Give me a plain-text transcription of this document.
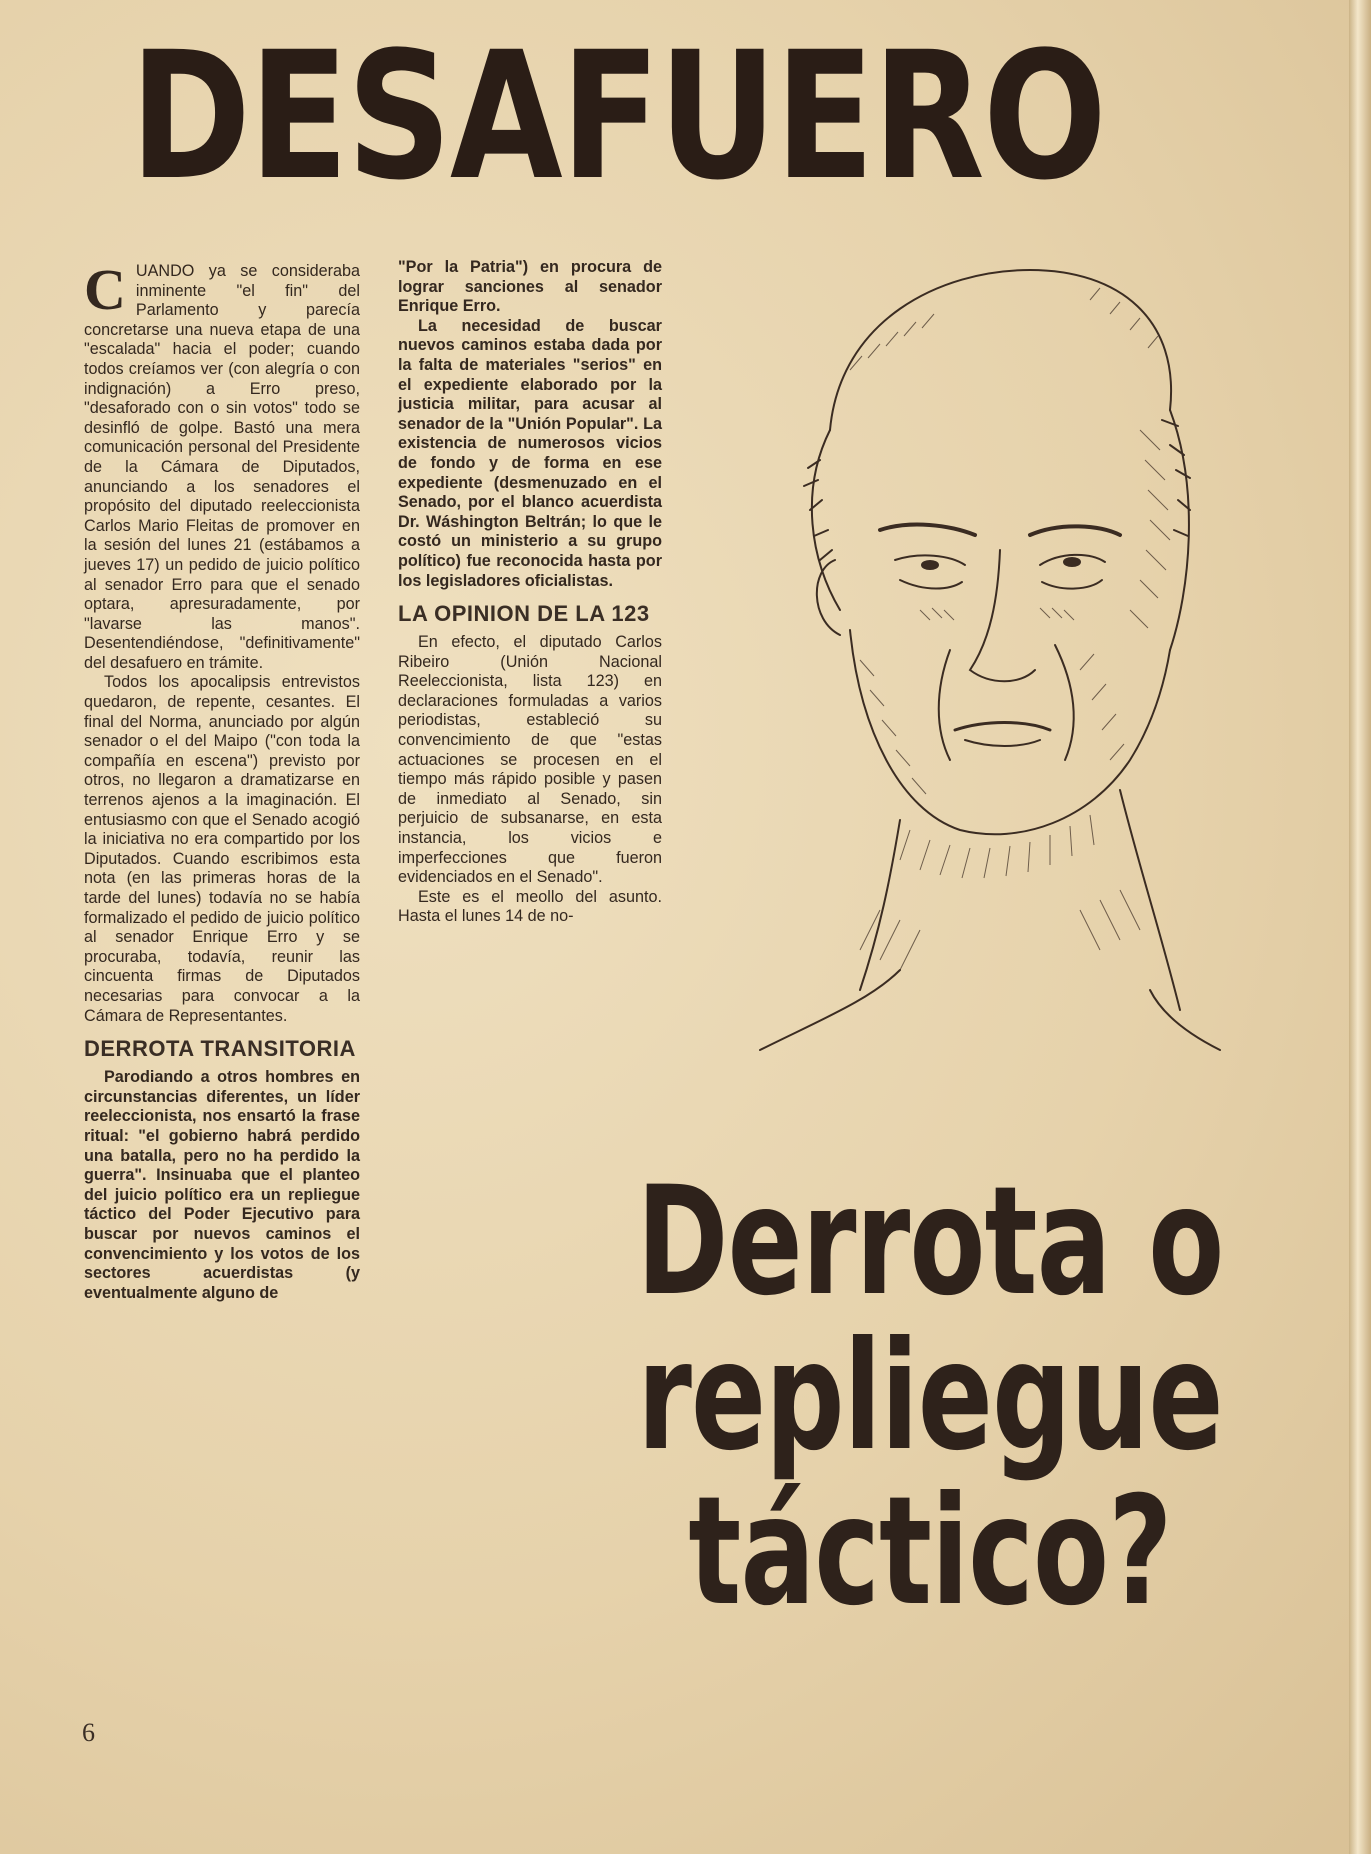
DESAFUERO

CUANDO ya se consideraba inminente "el fin" del Parlamento y parecía concretarse una nueva etapa de una "escalada" hacia el poder; cuando todos creíamos ver (con alegría o con indignación) a Erro preso, "desaforado con o sin votos" todo se desinfló de golpe. Bastó una mera comunicación personal del Presidente de la Cámara de Diputados, anunciando a los senadores el propósito del diputado reeleccionista Carlos Mario Fleitas de promover en la sesión del lunes 21 (estábamos a jueves 17) un pedido de juicio político al senador Erro para que el senado optara, apresuradamente, por "lavarse las manos". Desentendiéndose, "definitivamente" del desafuero en trámite.

Todos los apocalipsis entrevistos quedaron, de repente, cesantes. El final del Norma, anunciado por algún senador o el del Maipo ("con toda la compañía en escena") previsto por otros, no llegaron a dramatizarse en terrenos ajenos a la imaginación. El entusiasmo con que el Senado acogió la iniciativa no era compartido por los Diputados. Cuando escribimos esta nota (en las primeras horas de la tarde del lunes) todavía no se había formalizado el pedido de juicio político al senador Enrique Erro y se procuraba, todavía, reunir las cincuenta firmas de Diputados necesarias para convocar a la Cámara de Representantes.

DERROTA TRANSITORIA

Parodiando a otros hombres en circunstancias diferentes, un líder reeleccionista, nos ensartó la frase ritual: "el gobierno habrá perdido una batalla, pero no ha perdido la guerra". Insinuaba que el planteo del juicio político era un repliegue táctico del Poder Ejecutivo para buscar por nuevos caminos el convencimiento y los votos de los sectores acuerdistas (y eventualmente alguno de

"Por la Patria") en procura de lograr sanciones al senador Enrique Erro.

La necesidad de buscar nuevos caminos estaba dada por la falta de materiales "serios" en el expediente elaborado por la justicia militar, para acusar al senador de la "Unión Popular". La existencia de numerosos vicios de fondo y de forma en ese expediente (desmenuzado en el Senado, por el blanco acuerdista Dr. Wáshington Beltrán; lo que le costó un ministerio a su grupo político) fue reconocida hasta por los legisladores oficialistas.

LA OPINION DE LA 123

En efecto, el diputado Carlos Ribeiro (Unión Nacional Reeleccionista, lista 123) en declaraciones formuladas a varios periodistas, estableció su convencimiento de que "estas actuaciones se procesen en el tiempo más rápido posible y pasen de inmediato al Senado, sin perjuicio de subsanarse, en esta instancia, los vicios e imperfecciones que fueron evidenciados en el Senado".

Este es el meollo del asunto. Hasta el lunes 14 de no-

Derrota o
repliegue
táctico?
6
